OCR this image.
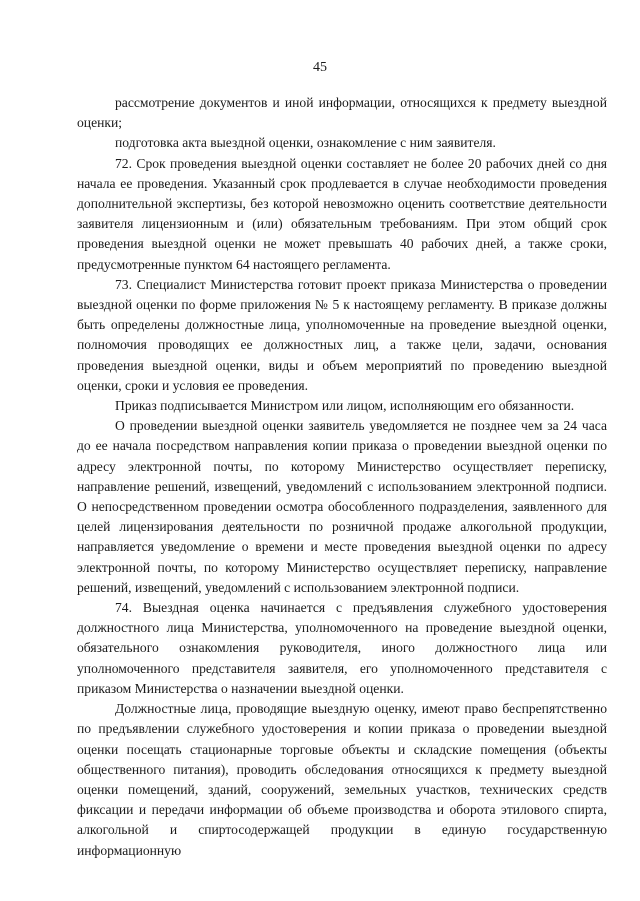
45

рассмотрение документов и иной информации, относящихся к предмету выездной оценки;

подготовка акта выездной оценки, ознакомление с ним заявителя.

72. Срок проведения выездной оценки составляет не более 20 рабочих дней со дня начала ее проведения. Указанный срок продлевается в случае необходимости проведения дополнительной экспертизы, без которой невозможно оценить соответствие деятельности заявителя лицензионным и (или) обязательным требованиям. При этом общий срок проведения выездной оценки не может превышать 40 рабочих дней, а также сроки, предусмотренные пунктом 64 настоящего регламента.

73. Специалист Министерства готовит проект приказа Министерства о проведении выездной оценки по форме приложения № 5 к настоящему регламенту. В приказе должны быть определены должностные лица, уполномоченные на проведение выездной оценки, полномочия проводящих ее должностных лиц, а также цели, задачи, основания проведения выездной оценки, виды и объем мероприятий по проведению выездной оценки, сроки и условия ее проведения.

Приказ подписывается Министром или лицом, исполняющим его обязанности.

О проведении выездной оценки заявитель уведомляется не позднее чем за 24 часа до ее начала посредством направления копии приказа о проведении выездной оценки по адресу электронной почты, по которому Министерство осуществляет переписку, направление решений, извещений, уведомлений с использованием электронной подписи. О непосредственном проведении осмотра обособленного подразделения, заявленного для целей лицензирования деятельности по розничной продаже алкогольной продукции, направляется уведомление о времени и месте проведения выездной оценки по адресу электронной почты, по которому Министерство осуществляет переписку, направление решений, извещений, уведомлений с использованием электронной подписи.

74. Выездная оценка начинается с предъявления служебного удостоверения должностного лица Министерства, уполномоченного на проведение выездной оценки, обязательного ознакомления руководителя, иного должностного лица или уполномоченного представителя заявителя, его уполномоченного представителя с приказом Министерства о назначении выездной оценки.

Должностные лица, проводящие выездную оценку, имеют право беспрепятственно по предъявлении служебного удостоверения и копии приказа о проведении выездной оценки посещать стационарные торговые объекты и складские помещения (объекты общественного питания), проводить обследования относящихся к предмету выездной оценки помещений, зданий, сооружений, земельных участков, технических средств фиксации и передачи информации об объеме производства и оборота этилового спирта, алкогольной и спиртосодержащей продукции в единую государственную информационную
